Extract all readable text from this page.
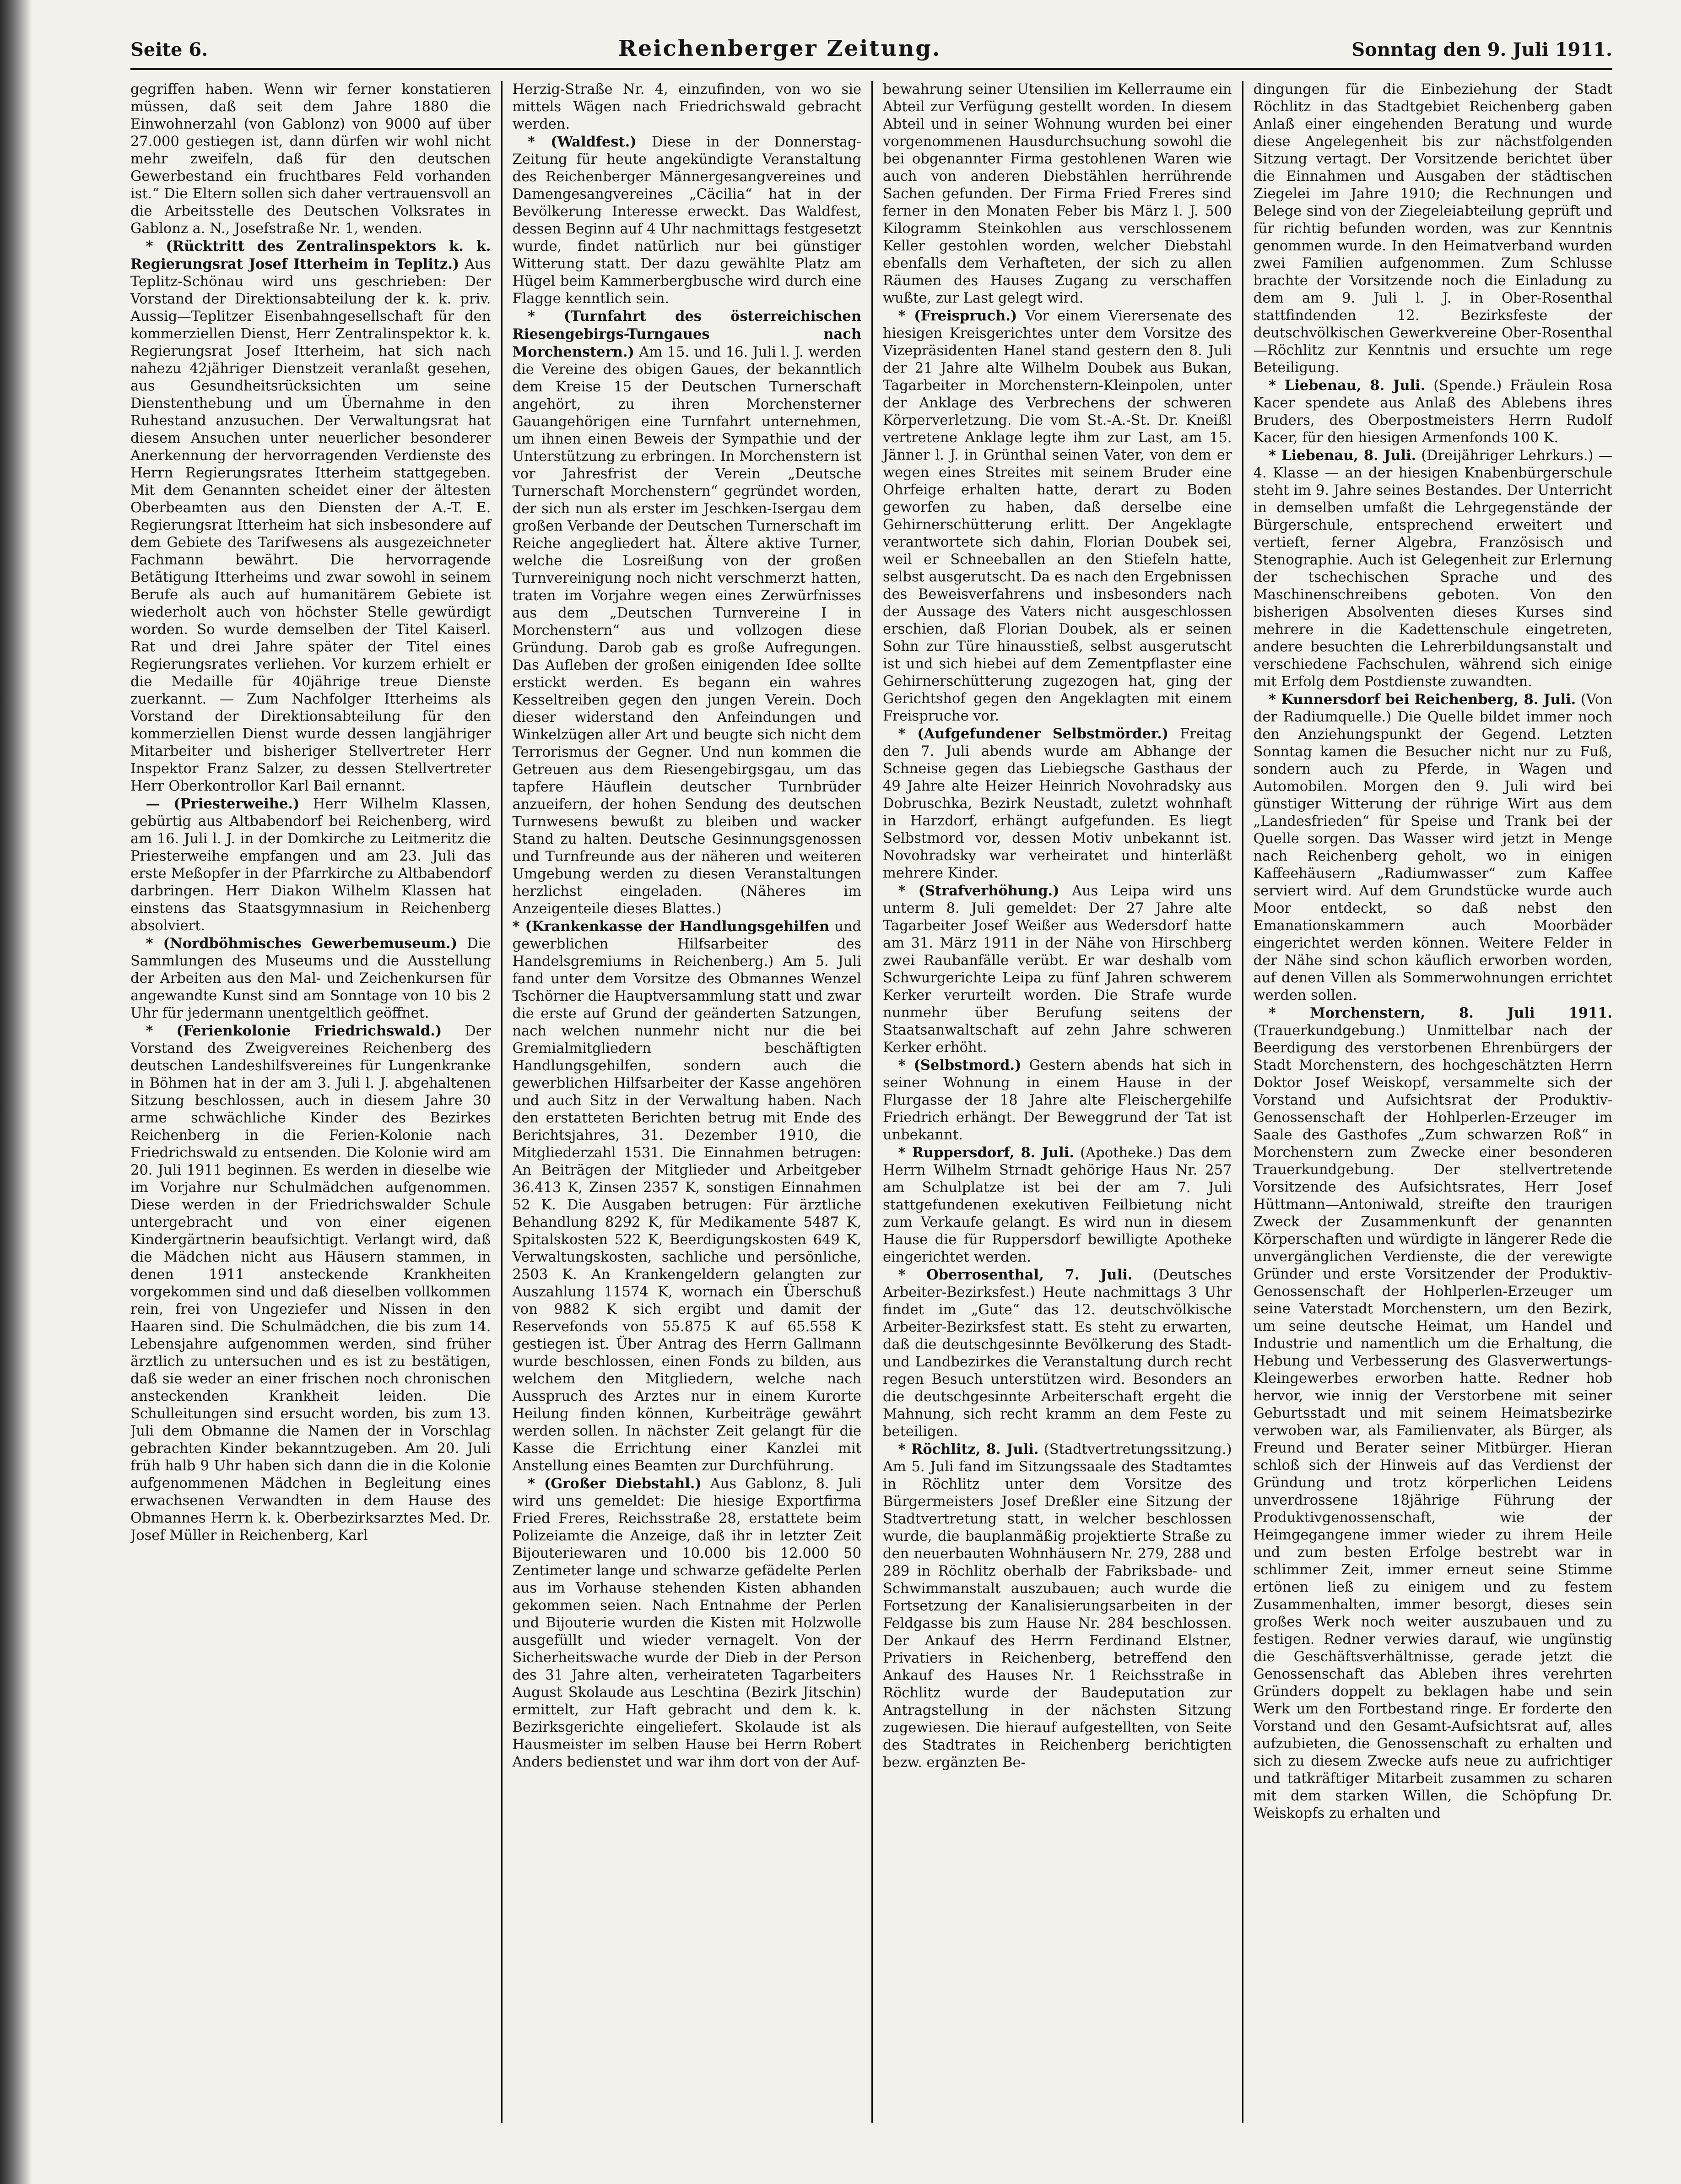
Seite 6.	Reichenberger Zeitung.	Sonntag den 9. Juli 1911.

gegriffen haben. Wenn wir ferner konstatieren müssen, daß seit dem Jahre 1880 die Einwohnerzahl (von Gablonz) von 9000 auf über 27.000 gestiegen ist, dann dürfen wir wohl nicht mehr zweifeln, daß für den deutschen Gewerbestand ein fruchtbares Feld vorhanden ist.“ Die Eltern sollen sich daher vertrauensvoll an die Arbeitsstelle des Deutschen Volksrates in Gablonz a. N., Josefstraße Nr. 1, wenden.

* (Rücktritt des Zentralinspektors k. k. Regierungsrat Josef Itterheim in Teplitz.) Aus Teplitz-Schönau wird uns geschrieben: Der Vorstand der Direktionsabteilung der k. k. priv. Aussig—Teplitzer Eisenbahngesellschaft für den kommerziellen Dienst, Herr Zentralinspektor k. k. Regierungsrat Josef Itterheim, hat sich nach nahezu 42jähriger Dienstzeit veranlaßt gesehen, aus Gesundheitsrücksichten um seine Dienstenthebung und um Übernahme in den Ruhestand anzusuchen. Der Verwaltungsrat hat diesem Ansuchen unter neuerlicher besonderer Anerkennung der hervorragenden Verdienste des Herrn Regierungsrates Itterheim stattgegeben. Mit dem Genannten scheidet einer der ältesten Oberbeamten aus den Diensten der A.-T. E. Regierungsrat Itterheim hat sich insbesondere auf dem Gebiete des Tarifwesens als ausgezeichneter Fachmann bewährt. Die hervorragende Betätigung Itterheims und zwar sowohl in seinem Berufe als auch auf humanitärem Gebiete ist wiederholt auch von höchster Stelle gewürdigt worden. So wurde demselben der Titel Kaiserl. Rat und drei Jahre später der Titel eines Regierungsrates verliehen. Vor kurzem erhielt er die Medaille für 40jährige treue Dienste zuerkannt. — Zum Nachfolger Itterheims als Vorstand der Direktionsabteilung für den kommerziellen Dienst wurde dessen langjähriger Mitarbeiter und bisheriger Stellvertreter Herr Inspektor Franz Salzer, zu dessen Stellvertreter Herr Oberkontrollor Karl Bail ernannt.

— (Priesterweihe.) Herr Wilhelm Klassen, gebürtig aus Altbabendorf bei Reichenberg, wird am 16. Juli l. J. in der Domkirche zu Leitmeritz die Priesterweihe empfangen und am 23. Juli das erste Meßopfer in der Pfarrkirche zu Altbabendorf darbringen. Herr Diakon Wilhelm Klassen hat einstens das Staatsgymnasium in Reichenberg absolviert.

* (Nordböhmisches Gewerbemuseum.) Die Sammlungen des Museums und die Ausstellung der Arbeiten aus den Mal- und Zeichenkursen für angewandte Kunst sind am Sonntage von 10 bis 2 Uhr für jedermann unentgeltlich geöffnet.

* (Ferienkolonie Friedrichswald.) Der Vorstand des Zweigvereines Reichenberg des deutschen Landeshilfsvereines für Lungenkranke in Böhmen hat in der am 3. Juli l. J. abgehaltenen Sitzung beschlossen, auch in diesem Jahre 30 arme schwächliche Kinder des Bezirkes Reichenberg in die Ferien-Kolonie nach Friedrichswald zu entsenden. Die Kolonie wird am 20. Juli 1911 beginnen. Es werden in dieselbe wie im Vorjahre nur Schulmädchen aufgenommen. Diese werden in der Friedrichswalder Schule untergebracht und von einer eigenen Kindergärtnerin beaufsichtigt. Verlangt wird, daß die Mädchen nicht aus Häusern stammen, in denen 1911 ansteckende Krankheiten vorgekommen sind und daß dieselben vollkommen rein, frei von Ungeziefer und Nissen in den Haaren sind. Die Schulmädchen, die bis zum 14. Lebensjahre aufgenommen werden, sind früher ärztlich zu untersuchen und es ist zu bestätigen, daß sie weder an einer frischen noch chronischen ansteckenden Krankheit leiden. Die Schulleitungen sind ersucht worden, bis zum 13. Juli dem Obmanne die Namen der in Vorschlag gebrachten Kinder bekanntzugeben. Am 20. Juli früh halb 9 Uhr haben sich dann die in die Kolonie aufgenommenen Mädchen in Begleitung eines erwachsenen Verwandten in dem Hause des Obmannes Herrn k. k. Oberbezirksarztes Med. Dr. Josef Müller in Reichenberg, Karl

Herzig-Straße Nr. 4, einzufinden, von wo sie mittels Wägen nach Friedrichswald gebracht werden.

* (Waldfest.) Diese in der Donnerstag-Zeitung für heute angekündigte Veranstaltung des Reichenberger Männergesangvereines und Damengesangvereines „Cäcilia“ hat in der Bevölkerung Interesse erweckt. Das Waldfest, dessen Beginn auf 4 Uhr nachmittags festgesetzt wurde, findet natürlich nur bei günstiger Witterung statt. Der dazu gewählte Platz am Hügel beim Kammerbergbusche wird durch eine Flagge kenntlich sein.

* (Turnfahrt des österreichischen Riesengebirgs-Turngaues nach Morchenstern.) Am 15. und 16. Juli l. J. werden die Vereine des obigen Gaues, der bekanntlich dem Kreise 15 der Deutschen Turnerschaft angehört, zu ihren Morchensterner Gauangehörigen eine Turnfahrt unternehmen, um ihnen einen Beweis der Sympathie und der Unterstützung zu erbringen. In Morchenstern ist vor Jahresfrist der Verein „Deutsche Turnerschaft Morchenstern“ gegründet worden, der sich nun als erster im Jeschken-Isergau dem großen Verbande der Deutschen Turnerschaft im Reiche angegliedert hat. Ältere aktive Turner, welche die Losreißung von der großen Turnvereinigung noch nicht verschmerzt hatten, traten im Vorjahre wegen eines Zerwürfnisses aus dem „Deutschen Turnvereine I in Morchenstern“ aus und vollzogen diese Gründung. Darob gab es große Aufregungen. Das Aufleben der großen einigenden Idee sollte erstickt werden. Es begann ein wahres Kesseltreiben gegen den jungen Verein. Doch dieser widerstand den Anfeindungen und Winkelzügen aller Art und beugte sich nicht dem Terrorismus der Gegner. Und nun kommen die Getreuen aus dem Riesengebirgsgau, um das tapfere Häuflein deutscher Turnbrüder anzueifern, der hohen Sendung des deutschen Turnwesens bewußt zu bleiben und wacker Stand zu halten. Deutsche Gesinnungsgenossen und Turnfreunde aus der näheren und weiteren Umgebung werden zu diesen Veranstaltungen herzlichst eingeladen. (Näheres im Anzeigenteile dieses Blattes.)

* (Krankenkasse der Handlungsgehilfen und gewerblichen Hilfsarbeiter des Handelsgremiums in Reichenberg.) Am 5. Juli fand unter dem Vorsitze des Obmannes Wenzel Tschörner die Hauptversammlung statt und zwar die erste auf Grund der geänderten Satzungen, nach welchen nunmehr nicht nur die bei Gremialmitgliedern beschäftigten Handlungsgehilfen, sondern auch die gewerblichen Hilfsarbeiter der Kasse angehören und auch Sitz in der Verwaltung haben. Nach den erstatteten Berichten betrug mit Ende des Berichtsjahres, 31. Dezember 1910, die Mitgliederzahl 1531. Die Einnahmen betrugen: An Beiträgen der Mitglieder und Arbeitgeber 36.413 K, Zinsen 2357 K, sonstigen Einnahmen 52 K. Die Ausgaben betrugen: Für ärztliche Behandlung 8292 K, für Medikamente 5487 K, Spitalskosten 522 K, Beerdigungskosten 649 K, Verwaltungskosten, sachliche und persönliche, 2503 K. An Krankengeldern gelangten zur Auszahlung 11574 K, wornach ein Überschuß von 9882 K sich ergibt und damit der Reservefonds von 55.875 K auf 65.558 K gestiegen ist. Über Antrag des Herrn Gallmann wurde beschlossen, einen Fonds zu bilden, aus welchem den Mitgliedern, welche nach Ausspruch des Arztes nur in einem Kurorte Heilung finden können, Kurbeiträge gewährt werden sollen. In nächster Zeit gelangt für die Kasse die Errichtung einer Kanzlei mit Anstellung eines Beamten zur Durchführung.

* (Großer Diebstahl.) Aus Gablonz, 8. Juli wird uns gemeldet: Die hiesige Exportfirma Fried Freres, Reichsstraße 28, erstattete beim Polizeiamte die Anzeige, daß ihr in letzter Zeit Bijouteriewaren und 10.000 bis 12.000 50 Zentimeter lange und schwarze gefädelte Perlen aus im Vorhause stehenden Kisten abhanden gekommen seien. Nach Entnahme der Perlen und Bijouterie wurden die Kisten mit Holzwolle ausgefüllt und wieder vernagelt. Von der Sicherheitswache wurde der Dieb in der Person des 31 Jahre alten, verheirateten Tagarbeiters August Skolaude aus Leschtina (Bezirk Jitschin) ermittelt, zur Haft gebracht und dem k. k. Bezirksgerichte eingeliefert. Skolaude ist als Hausmeister im selben Hause bei Herrn Robert Anders bedienstet und war ihm dort von der Auf-

bewahrung seiner Utensilien im Kellerraume ein Abteil zur Verfügung gestellt worden. In diesem Abteil und in seiner Wohnung wurden bei einer vorgenommenen Hausdurchsuchung sowohl die bei obgenannter Firma gestohlenen Waren wie auch von anderen Diebstählen herrührende Sachen gefunden. Der Firma Fried Freres sind ferner in den Monaten Feber bis März l. J. 500 Kilogramm Steinkohlen aus verschlossenem Keller gestohlen worden, welcher Diebstahl ebenfalls dem Verhafteten, der sich zu allen Räumen des Hauses Zugang zu verschaffen wußte, zur Last gelegt wird.

* (Freispruch.) Vor einem Vierersenate des hiesigen Kreisgerichtes unter dem Vorsitze des Vizepräsidenten Hanel stand gestern den 8. Juli der 21 Jahre alte Wilhelm Doubek aus Bukan, Tagarbeiter in Morchenstern-Kleinpolen, unter der Anklage des Verbrechens der schweren Körperverletzung. Die vom St.-A.-St. Dr. Kneißl vertretene Anklage legte ihm zur Last, am 15. Jänner l. J. in Grünthal seinen Vater, von dem er wegen eines Streites mit seinem Bruder eine Ohrfeige erhalten hatte, derart zu Boden geworfen zu haben, daß derselbe eine Gehirnerschütterung erlitt. Der Angeklagte verantwortete sich dahin, Florian Doubek sei, weil er Schneeballen an den Stiefeln hatte, selbst ausgerutscht. Da es nach den Ergebnissen des Beweisverfahrens und insbesonders nach der Aussage des Vaters nicht ausgeschlossen erschien, daß Florian Doubek, als er seinen Sohn zur Türe hinausstieß, selbst ausgerutscht ist und sich hiebei auf dem Zementpflaster eine Gehirnerschütterung zugezogen hat, ging der Gerichtshof gegen den Angeklagten mit einem Freispruche vor.

* (Aufgefundener Selbstmörder.) Freitag den 7. Juli abends wurde am Abhange der Schneise gegen das Liebiegsche Gasthaus der 49 Jahre alte Heizer Heinrich Novohradsky aus Dobruschka, Bezirk Neustadt, zuletzt wohnhaft in Harzdorf, erhängt aufgefunden. Es liegt Selbstmord vor, dessen Motiv unbekannt ist. Novohradsky war verheiratet und hinterläßt mehrere Kinder.

* (Strafverhöhung.) Aus Leipa wird uns unterm 8. Juli gemeldet: Der 27 Jahre alte Tagarbeiter Josef Weißer aus Wedersdorf hatte am 31. März 1911 in der Nähe von Hirschberg zwei Raubanfälle verübt. Er war deshalb vom Schwurgerichte Leipa zu fünf Jahren schwerem Kerker verurteilt worden. Die Strafe wurde nunmehr über Berufung seitens der Staatsanwaltschaft auf zehn Jahre schweren Kerker erhöht.

* (Selbstmord.) Gestern abends hat sich in seiner Wohnung in einem Hause in der Flurgasse der 18 Jahre alte Fleischergehilfe Friedrich erhängt. Der Beweggrund der Tat ist unbekannt.

* Ruppersdorf, 8. Juli. (Apotheke.) Das dem Herrn Wilhelm Strnadt gehörige Haus Nr. 257 am Schulplatze ist bei der am 7. Juli stattgefundenen exekutiven Feilbietung nicht zum Verkaufe gelangt. Es wird nun in diesem Hause die für Ruppersdorf bewilligte Apotheke eingerichtet werden.

* Oberrosenthal, 7. Juli. (Deutsches Arbeiter-Bezirksfest.) Heute nachmittags 3 Uhr findet im „Gute“ das 12. deutschvölkische Arbeiter-Bezirksfest statt. Es steht zu erwarten, daß die deutschgesinnte Bevölkerung des Stadt- und Landbezirkes die Veranstaltung durch recht regen Besuch unterstützen wird. Besonders an die deutschgesinnte Arbeiterschaft ergeht die Mahnung, sich recht kramm an dem Feste zu beteiligen.

* Röchlitz, 8. Juli. (Stadtvertretungssitzung.) Am 5. Juli fand im Sitzungssaale des Stadtamtes in Röchlitz unter dem Vorsitze des Bürgermeisters Josef Dreßler eine Sitzung der Stadtvertretung statt, in welcher beschlossen wurde, die bauplanmäßig projektierte Straße zu den neuerbauten Wohnhäusern Nr. 279, 288 und 289 in Röchlitz oberhalb der Fabriksbade- und Schwimmanstalt auszubauen; auch wurde die Fortsetzung der Kanalisierungsarbeiten in der Feldgasse bis zum Hause Nr. 284 beschlossen. Der Ankauf des Herrn Ferdinand Elstner, Privatiers in Reichenberg, betreffend den Ankauf des Hauses Nr. 1 Reichsstraße in Röchlitz wurde der Baudeputation zur Antragstellung in der nächsten Sitzung zugewiesen. Die hierauf aufgestellten, von Seite des Stadtrates in Reichenberg berichtigten bezw. ergänzten Be-

dingungen für die Einbeziehung der Stadt Röchlitz in das Stadtgebiet Reichenberg gaben Anlaß einer eingehenden Beratung und wurde diese Angelegenheit bis zur nächstfolgenden Sitzung vertagt. Der Vorsitzende berichtet über die Einnahmen und Ausgaben der städtischen Ziegelei im Jahre 1910; die Rechnungen und Belege sind von der Ziegeleiabteilung geprüft und für richtig befunden worden, was zur Kenntnis genommen wurde. In den Heimatverband wurden zwei Familien aufgenommen. Zum Schlusse brachte der Vorsitzende noch die Einladung zu dem am 9. Juli l. J. in Ober-Rosenthal stattfindenden 12. Bezirksfeste der deutschvölkischen Gewerkvereine Ober-Rosenthal—Röchlitz zur Kenntnis und ersuchte um rege Beteiligung.

* Liebenau, 8. Juli. (Spende.) Fräulein Rosa Kacer spendete aus Anlaß des Ablebens ihres Bruders, des Oberpostmeisters Herrn Rudolf Kacer, für den hiesigen Armenfonds 100 K.

* Liebenau, 8. Juli. (Dreijähriger Lehrkurs.) — 4. Klasse — an der hiesigen Knabenbürgerschule steht im 9. Jahre seines Bestandes. Der Unterricht in demselben umfaßt die Lehrgegenstände der Bürgerschule, entsprechend erweitert und vertieft, ferner Algebra, Französisch und Stenographie. Auch ist Gelegenheit zur Erlernung der tschechischen Sprache und des Maschinenschreibens geboten. Von den bisherigen Absolventen dieses Kurses sind mehrere in die Kadettenschule eingetreten, andere besuchten die Lehrerbildungsanstalt und verschiedene Fachschulen, während sich einige mit Erfolg dem Postdienste zuwandten.

* Kunnersdorf bei Reichenberg, 8. Juli. (Von der Radiumquelle.) Die Quelle bildet immer noch den Anziehungspunkt der Gegend. Letzten Sonntag kamen die Besucher nicht nur zu Fuß, sondern auch zu Pferde, in Wagen und Automobilen. Morgen den 9. Juli wird bei günstiger Witterung der rührige Wirt aus dem „Landesfrieden“ für Speise und Trank bei der Quelle sorgen. Das Wasser wird jetzt in Menge nach Reichenberg geholt, wo in einigen Kaffeehäusern „Radiumwasser“ zum Kaffee serviert wird. Auf dem Grundstücke wurde auch Moor entdeckt, so daß nebst den Emanationskammern auch Moorbäder eingerichtet werden können. Weitere Felder in der Nähe sind schon käuflich erworben worden, auf denen Villen als Sommerwohnungen errichtet werden sollen.

* Morchenstern, 8. Juli 1911. (Trauerkundgebung.) Unmittelbar nach der Beerdigung des verstorbenen Ehrenbürgers der Stadt Morchenstern, des hochgeschätzten Herrn Doktor Josef Weiskopf, versammelte sich der Vorstand und Aufsichtsrat der Produktiv-Genossenschaft der Hohlperlen-Erzeuger im Saale des Gasthofes „Zum schwarzen Roß“ in Morchenstern zum Zwecke einer besonderen Trauerkundgebung. Der stellvertretende Vorsitzende des Aufsichtsrates, Herr Josef Hüttmann—Antoniwald, streifte den traurigen Zweck der Zusammenkunft der genannten Körperschaften und würdigte in längerer Rede die unvergänglichen Verdienste, die der verewigte Gründer und erste Vorsitzender der Produktiv-Genossenschaft der Hohlperlen-Erzeuger um seine Vaterstadt Morchenstern, um den Bezirk, um seine deutsche Heimat, um Handel und Industrie und namentlich um die Erhaltung, die Hebung und Verbesserung des Glasverwertungs-Kleingewerbes erworben hatte. Redner hob hervor, wie innig der Verstorbene mit seiner Geburtsstadt und mit seinem Heimatsbezirke verwoben war, als Familienvater, als Bürger, als Freund und Berater seiner Mitbürger. Hieran schloß sich der Hinweis auf das Verdienst der Gründung und trotz körperlichen Leidens unverdrossene 18jährige Führung der Produktivgenossenschaft, wie der Heimgegangene immer wieder zu ihrem Heile und zum besten Erfolge bestrebt war in schlimmer Zeit, immer erneut seine Stimme ertönen ließ zu einigem und zu festem Zusammenhalten, immer besorgt, dieses sein großes Werk noch weiter auszubauen und zu festigen. Redner verwies darauf, wie ungünstig die Geschäftsverhältnisse, gerade jetzt die Genossenschaft das Ableben ihres verehrten Gründers doppelt zu beklagen habe und sein Werk um den Fortbestand ringe. Er forderte den Vorstand und den Gesamt-Aufsichtsrat auf, alles aufzubieten, die Genossenschaft zu erhalten und sich zu diesem Zwecke aufs neue zu aufrichtiger und tatkräftiger Mitarbeit zusammen zu scharen mit dem starken Willen, die Schöpfung Dr. Weiskopfs zu erhalten und
